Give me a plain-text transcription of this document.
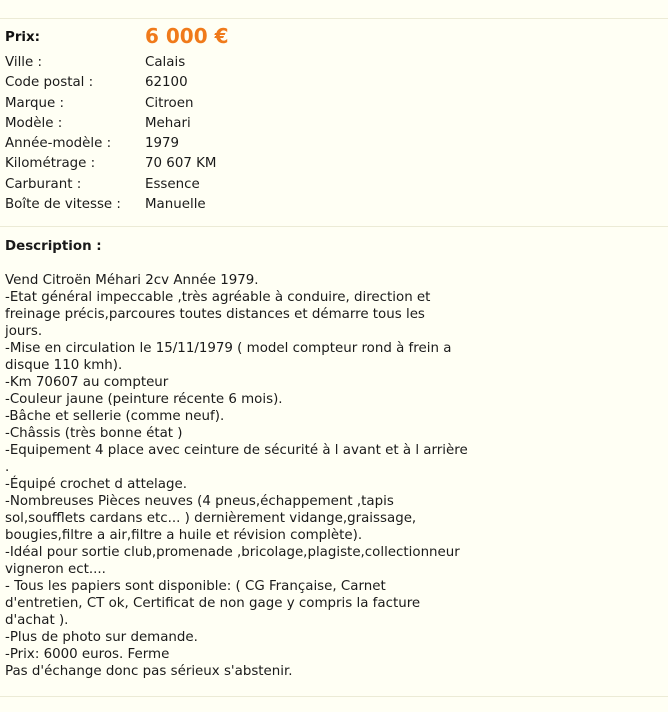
Prix:	6 000 €
Ville :	Calais
Code postal :	62100
Marque :	Citroen
Modèle :	Mehari
Année-modèle :	1979
Kilométrage :	70 607 KM
Carburant :	Essence
Boîte de vitesse : Manuelle
Description :
Vend Citroën Méhari 2cv Année 1979.
-Etat général impeccable ,très agréable à conduire, direction et
freinage précis,parcoures toutes distances et démarre tous les
jours.
-Mise en circulation le 15/11/1979 ( model compteur rond à frein a
disque 110 kmh).
-Km 70607 au compteur
-Couleur jaune (peinture récente 6 mois).
-Bâche et sellerie (comme neuf).
-Châssis (très bonne état )
-Equipement 4 place avec ceinture de sécurité à l avant et à l arrière
.
-Équipé crochet d attelage.
-Nombreuses Pièces neuves (4 pneus,échappement ,tapis
sol,soufflets cardans etc... ) dernièrement vidange,graissage,
bougies,filtre a air,filtre a huile et révision complète).
-Idéal pour sortie club,promenade ,bricolage,plagiste,collectionneur
vigneron ect....
- Tous les papiers sont disponible: ( CG Française, Carnet
d'entretien, CT ok, Certificat de non gage y compris la facture
d'achat ).
-Plus de photo sur demande.
-Prix: 6000 euros. Ferme
Pas d'échange donc pas sérieux s'abstenir.
